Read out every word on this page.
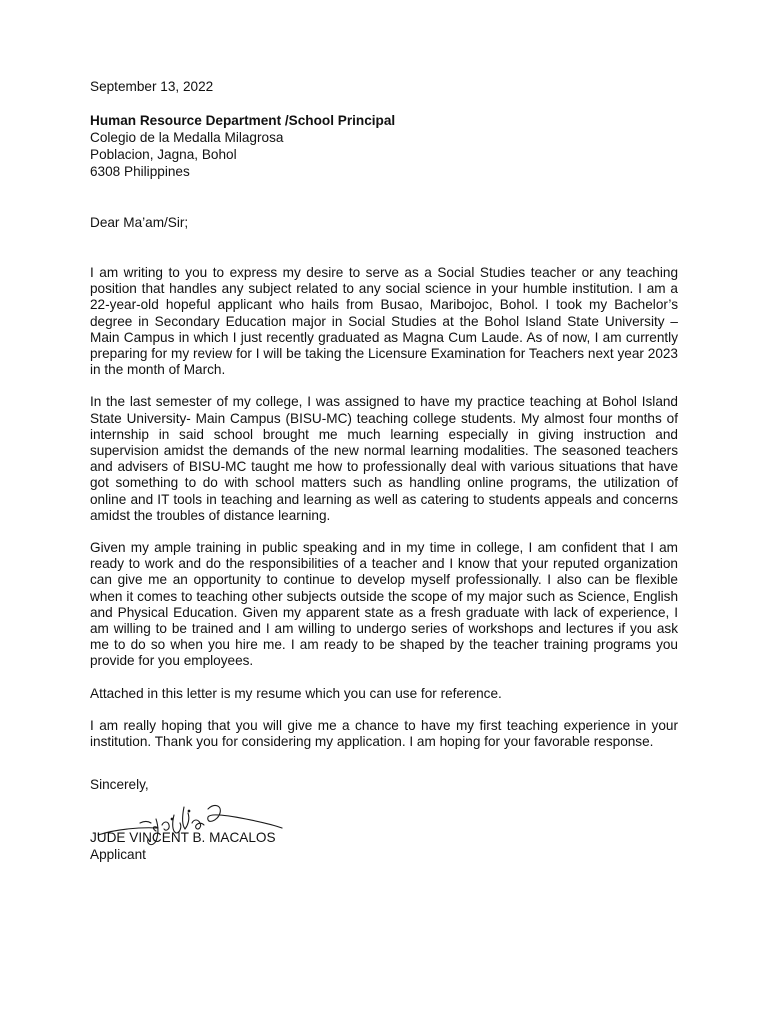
September 13, 2022
Human Resource Department /School Principal
Colegio de la Medalla Milagrosa
Poblacion, Jagna, Bohol
6308 Philippines
Dear Ma’am/Sir;

I am writing to you to express my desire to serve as a Social Studies teacher or any teaching position that handles any subject related to any social science in your humble institution. I am a 22-year-old hopeful applicant who hails from Busao, Maribojoc, Bohol. I took my Bachelor’s degree in Secondary Education major in Social Studies at the Bohol Island State University – Main Campus in which I just recently graduated as Magna Cum Laude. As of now, I am currently preparing for my review for I will be taking the Licensure Examination for Teachers next year 2023 in the month of March.

In the last semester of my college, I was assigned to have my practice teaching at Bohol Island State University- Main Campus (BISU-MC) teaching college students. My almost four months of internship in said school brought me much learning especially in giving instruction and supervision amidst the demands of the new normal learning modalities. The seasoned teachers and advisers of BISU-MC taught me how to professionally deal with various situations that have got something to do with school matters such as handling online programs, the utilization of online and IT tools in teaching and learning as well as catering to students appeals and concerns amidst the troubles of distance learning.

Given my ample training in public speaking and in my time in college, I am confident that I am ready to work and do the responsibilities of a teacher and I know that your reputed organization can give me an opportunity to continue to develop myself professionally. I also can be flexible when it comes to teaching other subjects outside the scope of my major such as Science, English and Physical Education. Given my apparent state as a fresh graduate with lack of experience, I am willing to be trained and I am willing to undergo series of workshops and lectures if you ask me to do so when you hire me. I am ready to be shaped by the teacher training programs you provide for you employees.

Attached in this letter is my resume which you can use for reference.

I am really hoping that you will give me a chance to have my first teaching experience in your institution. Thank you for considering my application. I am hoping for your favorable response.

Sincerely,
JUDE VINCENT B. MACALOS
Applicant
